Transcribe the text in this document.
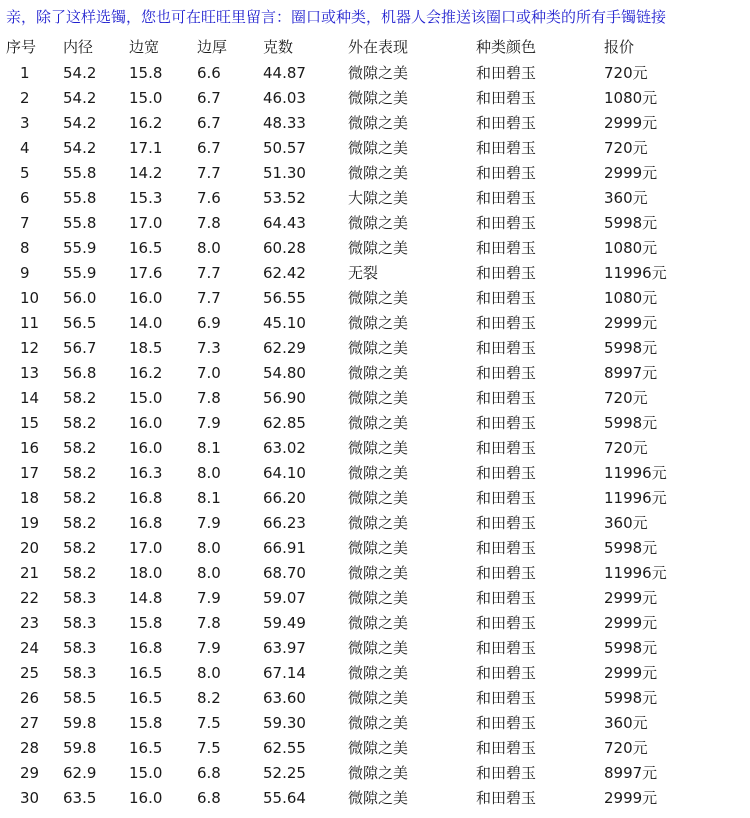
亲，除了这样选镯，您也可在旺旺里留言：圈口或种类，机器人会推送该圈口或种类的所有手镯链接
序号	内径	边宽	边厚	克数	外在表现	种类颜色	报价
1	54.2	15.8	6.6	44.87	微隙之美	和田碧玉	720元
2	54.2	15.0	6.7	46.03	微隙之美	和田碧玉	1080元
3	54.2	16.2	6.7	48.33	微隙之美	和田碧玉	2999元
4	54.2	17.1	6.7	50.57	微隙之美	和田碧玉	720元
5	55.8	14.2	7.7	51.30	微隙之美	和田碧玉	2999元
6	55.8	15.3	7.6	53.52	大隙之美	和田碧玉	360元
7	55.8	17.0	7.8	64.43	微隙之美	和田碧玉	5998元
8	55.9	16.5	8.0	60.28	微隙之美	和田碧玉	1080元
9	55.9	17.6	7.7	62.42	无裂	和田碧玉	11996元
10	56.0	16.0	7.7	56.55	微隙之美	和田碧玉	1080元
11	56.5	14.0	6.9	45.10	微隙之美	和田碧玉	2999元
12	56.7	18.5	7.3	62.29	微隙之美	和田碧玉	5998元
13	56.8	16.2	7.0	54.80	微隙之美	和田碧玉	8997元
14	58.2	15.0	7.8	56.90	微隙之美	和田碧玉	720元
15	58.2	16.0	7.9	62.85	微隙之美	和田碧玉	5998元
16	58.2	16.0	8.1	63.02	微隙之美	和田碧玉	720元
17	58.2	16.3	8.0	64.10	微隙之美	和田碧玉	11996元
18	58.2	16.8	8.1	66.20	微隙之美	和田碧玉	11996元
19	58.2	16.8	7.9	66.23	微隙之美	和田碧玉	360元
20	58.2	17.0	8.0	66.91	微隙之美	和田碧玉	5998元
21	58.2	18.0	8.0	68.70	微隙之美	和田碧玉	11996元
22	58.3	14.8	7.9	59.07	微隙之美	和田碧玉	2999元
23	58.3	15.8	7.8	59.49	微隙之美	和田碧玉	2999元
24	58.3	16.8	7.9	63.97	微隙之美	和田碧玉	5998元
25	58.3	16.5	8.0	67.14	微隙之美	和田碧玉	2999元
26	58.5	16.5	8.2	63.60	微隙之美	和田碧玉	5998元
27	59.8	15.8	7.5	59.30	微隙之美	和田碧玉	360元
28	59.8	16.5	7.5	62.55	微隙之美	和田碧玉	720元
29	62.9	15.0	6.8	52.25	微隙之美	和田碧玉	8997元
30	63.5	16.0	6.8	55.64	微隙之美	和田碧玉	2999元
